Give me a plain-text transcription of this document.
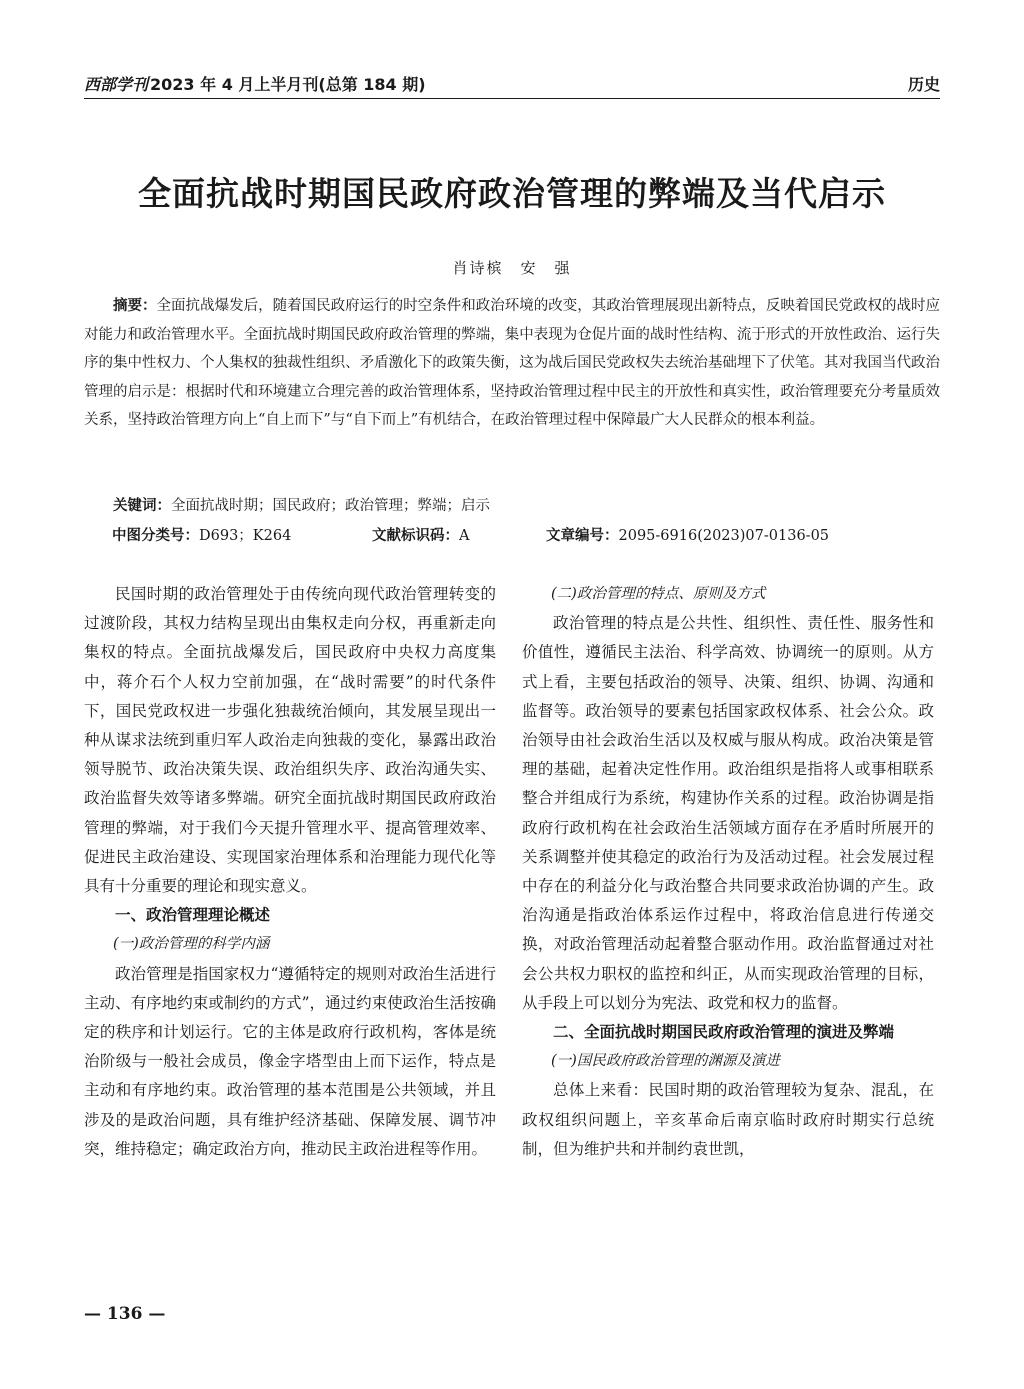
西部学刊 2023 年 4 月上半月刊(总第 184 期)	历史
全面抗战时期国民政府政治管理的弊端及当代启示
肖诗槟　安　强

摘要：全面抗战爆发后，随着国民政府运行的时空条件和政治环境的改变，其政治管理展现出新特点，反映着国民党政权的战时应对能力和政治管理水平。全面抗战时期国民政府政治管理的弊端，集中表现为仓促片面的战时性结构、流于形式的开放性政治、运行失序的集中性权力、个人集权的独裁性组织、矛盾激化下的政策失衡，这为战后国民党政权失去统治基础埋下了伏笔。其对我国当代政治管理的启示是：根据时代和环境建立合理完善的政治管理体系，坚持政治管理过程中民主的开放性和真实性，政治管理要充分考量质效关系，坚持政治管理方向上“自上而下”与“自下而上”有机结合，在政治管理过程中保障最广大人民群众的根本利益。

关键词：全面抗战时期；国民政府；政治管理；弊端；启示

中图分类号：D693；K264	文献标识码：A	文章编号：2095-6916(2023)07-0136-05

民国时期的政治管理处于由传统向现代政治管理转变的过渡阶段，其权力结构呈现出由集权走向分权，再重新走向集权的特点。全面抗战爆发后，国民政府中央权力高度集中，蒋介石个人权力空前加强，在“战时需要”的时代条件下，国民党政权进一步强化独裁统治倾向，其发展呈现出一种从谋求法统到重归军人政治走向独裁的变化，暴露出政治领导脱节、政治决策失误、政治组织失序、政治沟通失实、政治监督失效等诸多弊端。研究全面抗战时期国民政府政治管理的弊端，对于我们今天提升管理水平、提高管理效率、促进民主政治建设、实现国家治理体系和治理能力现代化等具有十分重要的理论和现实意义。

一、政治管理理论概述
(一)政治管理的科学内涵

政治管理是指国家权力“遵循特定的规则对政治生活进行主动、有序地约束或制约的方式”，通过约束使政治生活按确定的秩序和计划运行。它的主体是政府行政机构，客体是统治阶级与一般社会成员，像金字塔型由上而下运作，特点是主动和有序地约束。政治管理的基本范围是公共领域，并且涉及的是政治问题，具有维护经济基础、保障发展、调节冲突，维持稳定；确定政治方向，推动民主政治进程等作用。

(二)政治管理的特点、原则及方式

政治管理的特点是公共性、组织性、责任性、服务性和价值性，遵循民主法治、科学高效、协调统一的原则。从方式上看，主要包括政治的领导、决策、组织、协调、沟通和监督等。政治领导的要素包括国家政权体系、社会公众。政治领导由社会政治生活以及权威与服从构成。政治决策是管理的基础，起着决定性作用。政治组织是指将人或事相联系整合并组成行为系统，构建协作关系的过程。政治协调是指政府行政机构在社会政治生活领域方面存在矛盾时所展开的关系调整并使其稳定的政治行为及活动过程。社会发展过程中存在的利益分化与政治整合共同要求政治协调的产生。政治沟通是指政治体系运作过程中，将政治信息进行传递交换，对政治管理活动起着整合驱动作用。政治监督通过对社会公共权力职权的监控和纠正，从而实现政治管理的目标，从手段上可以划分为宪法、政党和权力的监督。

二、全面抗战时期国民政府政治管理的演进及弊端
(一)国民政府政治管理的渊源及演进

总体上来看：民国时期的政治管理较为复杂、混乱，在政权组织问题上，辛亥革命后南京临时政府时期实行总统制，但为维护共和并制约袁世凯，

— 136 —
